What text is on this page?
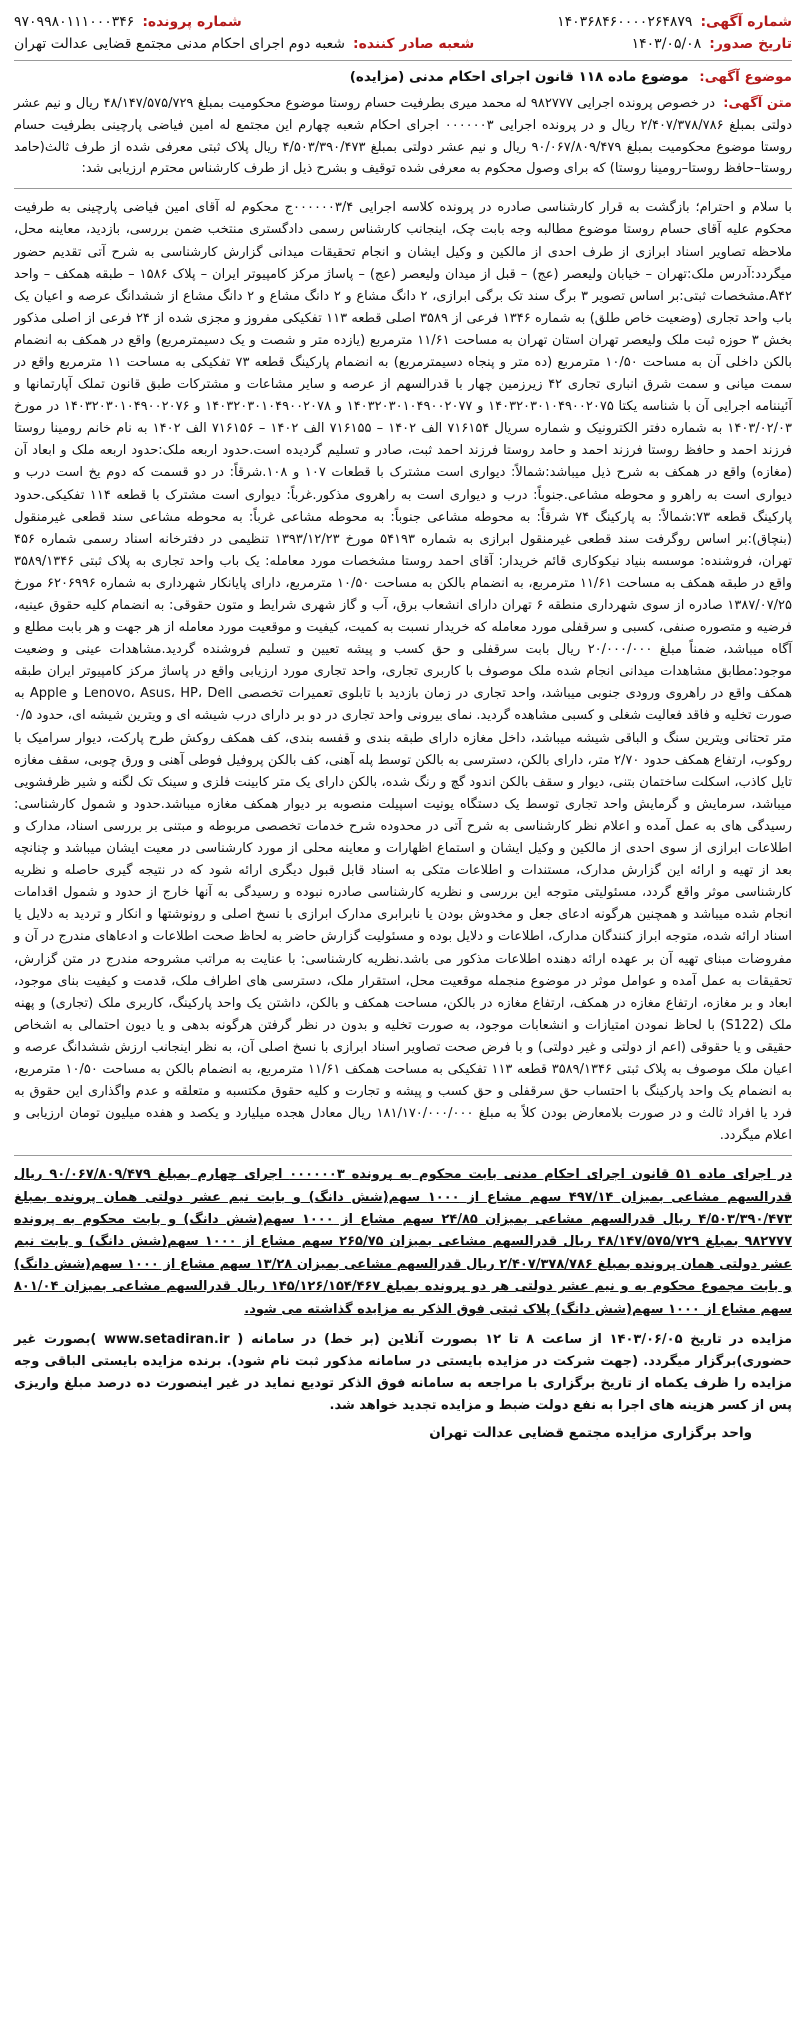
شماره آگهی:
۱۴۰۳۶۸۴۶۰۰۰۰۲۶۴۸۷۹
شماره پرونده:
۹۷۰۹۹۸۰۱۱۱۰۰۰۳۴۶
تاریخ صدور:
۱۴۰۳/۰۵/۰۸
شعبه صادر کننده:
شعبه دوم اجرای احکام مدنی مجتمع قضایی عدالت تهران
موضوع آگهی: موضوع ماده ۱۱۸ قانون اجرای احکام مدنی (مزایده)

متن آگهی: در خصوص پرونده اجرایی ۹۸۲۷۷۷ له محمد میری بطرفیت حسام روستا موضوع محکومیت بمبلغ ۴۸/۱۴۷/۵۷۵/۷۲۹ ریال و نیم عشر دولتی بمبلغ ۲/۴۰۷/۳۷۸/۷۸۶ ریال و در پرونده اجرایی ۰۰۰۰۰۰۳ اجرای احکام شعبه چهارم این مجتمع له امین فیاضی پارچینی بطرفیت حسام روستا موضوع محکومیت بمبلغ ۹۰/۰۶۷/۸۰۹/۴۷۹ ریال و نیم عشر دولتی بمبلغ ۴/۵۰۳/۳۹۰/۴۷۳ ریال پلاک ثبتی معرفی شده از طرف ثالث(حامد روستا–حافظ روستا–رومینا روستا) که برای وصول محکوم به معرفی شده توقیف و بشرح ذیل از طرف کارشناس محترم ارزیابی شد:

با سلام و احترام؛ بازگشت به قرار کارشناسی صادره در پرونده کلاسه اجرایی ۰۰۰۰۰۰۳/۴ج محکوم له آقای امین فیاضی پارچینی به طرفیت محکوم علیه آقای حسام روستا موضوع مطالبه وجه بابت چک، اینجانب کارشناس رسمی دادگستری منتخب ضمن بررسی، بازدید، معاینه محل، ملاحظه تصاویر اسناد ابرازی از طرف احدی از مالکین و وکیل ایشان و انجام تحقیقات میدانی گزارش کارشناسی به شرح آتی تقدیم حضور میگردد:آدرس ملک:تهران – خیابان ولیعصر (عج) – قبل از میدان ولیعصر (عج) – پاساژ مرکز کامپیوتر ایران – پلاک ۱۵۸۶ – طبقه همکف – واحد A۴۲.مشخصات ثبتی:بر اساس تصویر ۳ برگ سند تک برگی ابرازی، ۲ دانگ مشاع و ۲ دانگ مشاع و ۲ دانگ مشاع از ششدانگ عرصه و اعیان یک باب واحد تجاری (وضعیت خاص طلق) به شماره ۱۳۴۶ فرعی از ۳۵۸۹ اصلی قطعه ۱۱۳ تفکیکی مفروز و مجزی شده از ۲۴ فرعی از اصلی مذکور بخش ۳ حوزه ثبت ملک ولیعصر تهران استان تهران به مساحت ۱۱/۶۱ مترمربع (یازده متر و شصت و یک دسیمترمربع) واقع در همکف به انضمام بالکن داخلی آن به مساحت ۱۰/۵۰ مترمربع (ده متر و پنجاه دسیمترمربع) به انضمام پارکینگ قطعه ۷۳ تفکیکی به مساحت ۱۱ مترمربع واقع در سمت میانی و سمت شرق انباری تجاری ۴۲ زیرزمین چهار با قدرالسهم از عرصه و سایر مشاعات و مشترکات طبق قانون تملک آپارتمانها و آئیننامه اجرایی آن با شناسه یکتا ۱۴۰۳۲۰۳۰۱۰۴۹۰۰۲۰۷۵ و ۱۴۰۳۲۰۳۰۱۰۴۹۰۰۲۰۷۷ و ۱۴۰۳۲۰۳۰۱۰۴۹۰۰۲۰۷۸ و ۱۴۰۳۲۰۳۰۱۰۴۹۰۰۲۰۷۶ در مورخ ۱۴۰۳/۰۲/۰۳ به شماره دفتر الکترونیک و شماره سریال ۷۱۶۱۵۴ الف ۱۴۰۲ – ۷۱۶۱۵۵ الف ۱۴۰۲ – ۷۱۶۱۵۶ الف ۱۴۰۲ به نام خانم رومینا روستا فرزند احمد و حافظ روستا فرزند احمد و حامد روستا فرزند احمد ثبت، صادر و تسلیم گردیده است.حدود اربعه ملک:حدود اربعه ملک و ابعاد آن (مغازه) واقع در همکف به شرح ذیل میباشد:شمالاً: دیواری است مشترک با قطعات ۱۰۷ و ۱۰۸.شرقاً: در دو قسمت که دوم یخ است درب و دیواری است به راهرو و محوطه مشاعی.جنوباً: درب و دیواری است به راهروی مذکور.غرباً: دیواری است مشترک با قطعه ۱۱۴ تفکیکی.حدود پارکینگ قطعه ۷۳:شمالاً: به پارکینگ ۷۴ شرقاً: به محوطه مشاعی جنوباً: به محوطه مشاعی غرباً: به محوطه مشاعی سند قطعی غیرمنقول (بنچاق):بر اساس روگرفت سند قطعی غیرمنقول ابرازی به شماره ۵۴۱۹۳ مورخ ۱۳۹۳/۱۲/۲۳ تنظیمی در دفترخانه اسناد رسمی شماره ۴۵۶ تهران، فروشنده: موسسه بنیاد نیکوکاری قائم خریدار: آقای احمد روستا مشخصات مورد معامله: یک باب واحد تجاری به پلاک ثبتی ۳۵۸۹/۱۳۴۶ واقع در طبقه همکف به مساحت ۱۱/۶۱ مترمربع، به انضمام بالکن به مساحت ۱۰/۵۰ مترمربع، دارای پایانکار شهرداری به شماره ۶۲۰۶۹۹۶ مورخ ۱۳۸۷/۰۷/۲۵ صادره از سوی شهرداری منطقه ۶ تهران دارای انشعاب برق، آب و گاز شهری شرایط و متون حقوقی: به انضمام کلیه حقوق عینیه، فرضیه و متصوره صنفی، کسبی و سرقفلی مورد معامله که خریدار نسبت به کمیت، کیفیت و موقعیت مورد معامله از هر جهت و هر بابت مطلع و آگاه میباشد، ضمناً مبلغ ۲۰/۰۰۰/۰۰۰ ریال بابت سرقفلی و حق کسب و پیشه تعیین و تسلیم فروشنده گردید.مشاهدات عینی و وضعیت موجود:مطابق مشاهدات میدانی انجام شده ملک موصوف با کاربری تجاری، واحد تجاری مورد ارزیابی واقع در پاساژ مرکز کامپیوتر ایران طبقه همکف واقع در راهروی ورودی جنوبی میباشد، واحد تجاری در زمان بازدید با تابلوی تعمیرات تخصصی Lenovo، Asus، HP، Dell و Apple به صورت تخلیه و فاقد فعالیت شغلی و کسبی مشاهده گردید. نمای بیرونی واحد تجاری در دو بر دارای درب شیشه ای و ویترین شیشه ای، حدود ۰/۵ متر تحتانی ویترین سنگ و الباقی شیشه میباشد، داخل مغازه دارای طبقه بندی و قفسه بندی، کف همکف روکش طرح پارکت، دیوار سرامیک با روکوب، ارتفاع همکف حدود ۲/۷۰ متر، دارای بالکن، دسترسی به بالکن توسط پله آهنی، کف بالکن پروفیل فوطی آهنی و ورق چوبی، سقف مغازه تایل کاذب، اسکلت ساختمان بتنی، دیوار و سقف بالکن اندود گچ و رنگ شده، بالکن دارای یک متر کابینت فلزی و سینک تک لگنه و شیر ظرفشویی میباشد، سرمایش و گرمایش واحد تجاری توسط یک دستگاه یونیت اسپیلت منصوبه بر دیوار همکف مغازه میباشد.حدود و شمول کارشناسی: رسیدگی های به عمل آمده و اعلام نظر کارشناسی به شرح آتی در محدوده شرح خدمات تخصصی مربوطه و مبتنی بر بررسی اسناد، مدارک و اطلاعات ابرازی از سوی احدی از مالکین و وکیل ایشان و استماع اظهارات و معاینه محلی از مورد کارشناسی در معیت ایشان میباشد و چنانچه بعد از تهیه و ارائه این گزارش مدارک، مستندات و اطلاعات متکی به اسناد قابل قبول دیگری ارائه شود که در نتیجه گیری حاصله و نظریه کارشناسی موثر واقع گردد، مسئولیتی متوجه این بررسی و نظریه کارشناسی صادره نبوده و رسیدگی به آنها خارج از حدود و شمول اقدامات انجام شده میباشد و همچنین هرگونه ادعای جعل و مخدوش بودن یا نابرابری مدارک ابرازی با نسخ اصلی و رونوشتها و انکار و تردید به دلایل یا اسناد ارائه شده، متوجه ابراز کنندگان مدارک، اطلاعات و دلایل بوده و مسئولیت گزارش حاضر به لحاظ صحت اطلاعات و ادعاهای مندرج در آن و مفروضات مبنای تهیه آن بر عهده ارائه دهنده اطلاعات مذکور می باشد.نظریه کارشناسی: با عنایت به مراتب مشروحه مندرج در متن گزارش، تحقیقات به عمل آمده و عوامل موثر در موضوع منجمله موقعیت محل، استقرار ملک، دسترسی های اطراف ملک، قدمت و کیفیت بنای موجود، ابعاد و بر مغازه، ارتفاع مغازه در همکف، ارتفاع مغازه در بالکن، مساحت همکف و بالکن، داشتن یک واحد پارکینگ، کاربری ملک (تجاری) و پهنه ملک (S122) با لحاظ نمودن امتیازات و انشعابات موجود، به صورت تخلیه و بدون در نظر گرفتن هرگونه بدهی و یا دیون احتمالی به اشخاص حقیقی و یا حقوقی (اعم از دولتی و غیر دولتی) و با فرض صحت تصاویر اسناد ابرازی با نسخ اصلی آن، به نظر اینجانب ارزش ششدانگ عرصه و اعیان ملک موصوف به پلاک ثبتی ۳۵۸۹/۱۳۴۶ قطعه ۱۱۳ تفکیکی به مساحت همکف ۱۱/۶۱ مترمربع، به انضمام بالکن به مساحت ۱۰/۵۰ مترمربع، به انضمام یک واحد پارکینگ با احتساب حق سرقفلی و حق کسب و پیشه و تجارت و کلیه حقوق مکتسبه و متعلقه و عدم واگذاری این حقوق به فرد یا افراد ثالث و در صورت بلامعارض بودن کلاً به مبلغ ۱۸۱/۱۷۰/۰۰۰/۰۰۰ ریال معادل هجده میلیارد و یکصد و هفده میلیون تومان ارزیابی و اعلام میگردد.

در اجرای ماده ۵۱ قانون اجرای احکام مدنی بابت محکوم به پرونده ۰۰۰۰۰۰۳ اجرای چهارم بمبلغ ۹۰/۰۶۷/۸۰۹/۴۷۹ ریال قدرالسهم مشاعی بمیزان ۴۹۷/۱۴ سهم مشاع از ۱۰۰۰ سهم(شش دانگ) و بابت نیم عشر دولتی همان پرونده بمبلغ ۴/۵۰۳/۳۹۰/۴۷۳ ریال قدرالسهم مشاعی بمیزان ۲۴/۸۵ سهم مشاع از ۱۰۰۰ سهم(شش دانگ) و بابت محکوم به پرونده ۹۸۲۷۷۷ بمبلغ ۴۸/۱۴۷/۵۷۵/۷۲۹ ریال قدرالسهم مشاعی بمیزان ۲۶۵/۷۵ سهم مشاع از ۱۰۰۰ سهم(شش دانگ) و بابت نیم عشر دولتی همان پرونده بمبلغ ۲/۴۰۷/۳۷۸/۷۸۶ ریال قدرالسهم مشاعی بمیزان ۱۳/۲۸ سهم مشاع از ۱۰۰۰ سهم(شش دانگ) و بابت مجموع محکوم به و نیم عشر دولتی هر دو پرونده بمبلغ ۱۴۵/۱۲۶/۱۵۴/۴۶۷ ریال قدرالسهم مشاعی بمیزان ۸۰۱/۰۴ سهم مشاع از ۱۰۰۰ سهم(شش دانگ) پلاک ثبتی فوق الذکر به مزایده گذاشته می شود.

مزایده در تاریخ ۱۴۰۳/۰۶/۰۵ از ساعت ۸ تا ۱۲ بصورت آنلاین (بر خط) در سامانه ( www.setadiran.ir )بصورت غیر حضوری)برگزار میگردد. (جهت شرکت در مزایده بایستی در سامانه مذکور ثبت نام شود). برنده مزایده بایستی الباقی وجه مزایده را ظرف یکماه از تاریخ برگزاری با مراجعه به سامانه فوق الذکر تودیع نماید در غیر اینصورت ده درصد مبلغ واریزی پس از کسر هزینه های اجرا به نفع دولت ضبط و مزایده تجدید خواهد شد.

واحد برگزاری مزایده مجتمع قضایی عدالت تهران
